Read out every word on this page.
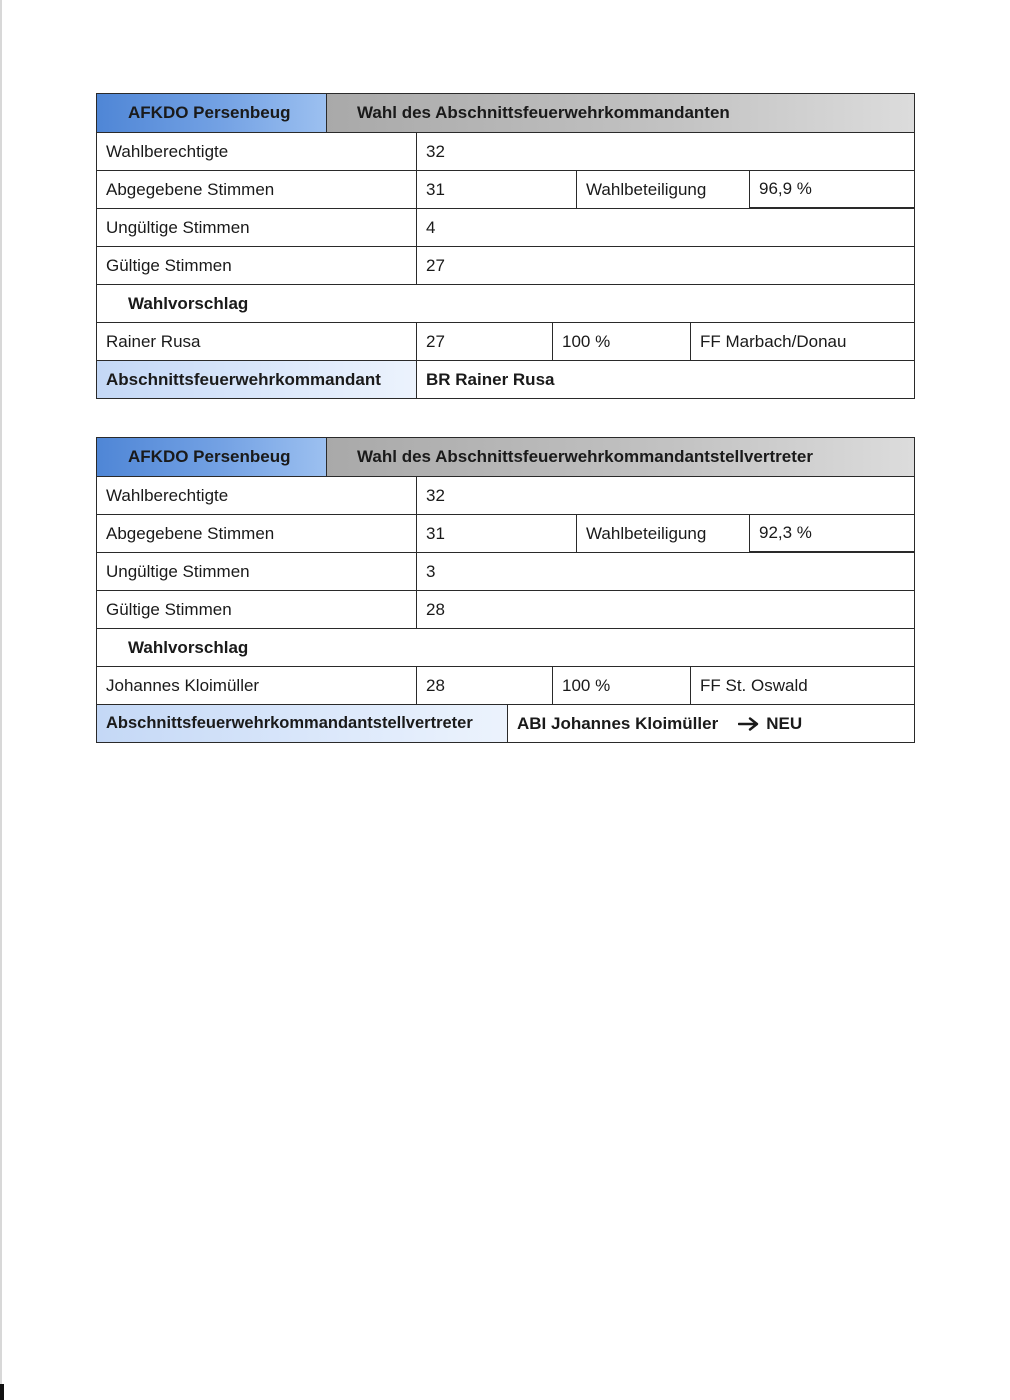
AFKDO Persenbeug	Wahl des Abschnittsfeuerwehrkommandanten
Wahlberechtigte	32
Abgegebene Stimmen	31	Wahlbeteiligung	96,9 %
Ungültige Stimmen	4
Gültige Stimmen	27
Wahlvorschlag
Rainer Rusa	27	100 %	FF Marbach/Donau
Abschnittsfeuerwehrkommandant	BR Rainer Rusa
AFKDO Persenbeug	Wahl des Abschnittsfeuerwehrkommandantstellvertreter
Wahlberechtigte	32
Abgegebene Stimmen	31	Wahlbeteiligung	92,3 %
Ungültige Stimmen	3
Gültige Stimmen	28
Wahlvorschlag
Johannes Kloimüller	28	100 %	FF St. Oswald
Abschnittsfeuerwehrkommandantstellvertreter	ABI Johannes Kloimüller	NEU
